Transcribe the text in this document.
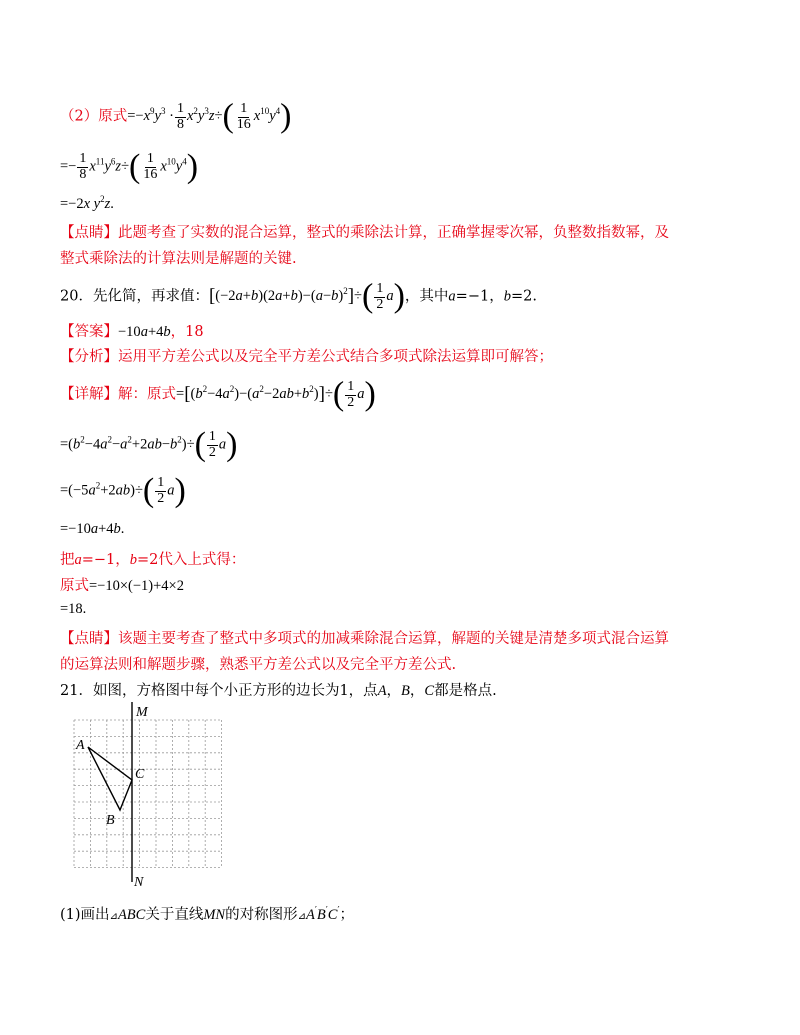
（2）原式$=-x^9y^3 \cdot \frac{1}{8} x^2y^3z\div( \frac{1}{16} x^{10}y^4)$
=− $\frac{1}{8} x^{11}y^6z\div( \frac{1}{16} x^{10}y^4)$
=−2x $y^2z$.
【点睛】此题考查了实数的混合运算，整式的乘除法计算，正确掌握零次幂，负整数指数幂，及
整式乘除法的计算法则是解题的关键.
20．先化简，再求值：$[(-2a+b)(2a+b)-(a-b)^2]\div( \frac{1}{2} a)$，其中a=−1，b=2.
【答案】−10a+4b，18
【分析】运用平方差公式以及完全平方差公式结合多项式除法运算即可解答；
【详解】解：原式$=[(b^2-4a^2)-(a^2-2ab+b^2)]\div( \frac{1}{2} a)$
$=(b^2-4a^2-a^2+2ab-b^2)\div( \frac{1}{2} a)$
$=(-5a^2+2ab)\div( \frac{1}{2} a)$
=−10a+4b.
把a=−1，b=2代入上式得：
原式=−10×(−1)+4×2
=18.
【点睛】该题主要考查了整式中多项式的加减乘除混合运算，解题的关键是清楚多项式混合运算
的运算法则和解题步骤，熟悉平方差公式以及完全平方差公式.
21．如图，方格图中每个小正方形的边长为1，点A，B，C都是格点.
M
N
A
B
C
(1)画出⊿ABC关于直线MN的对称图形⊿A′B′C′；
